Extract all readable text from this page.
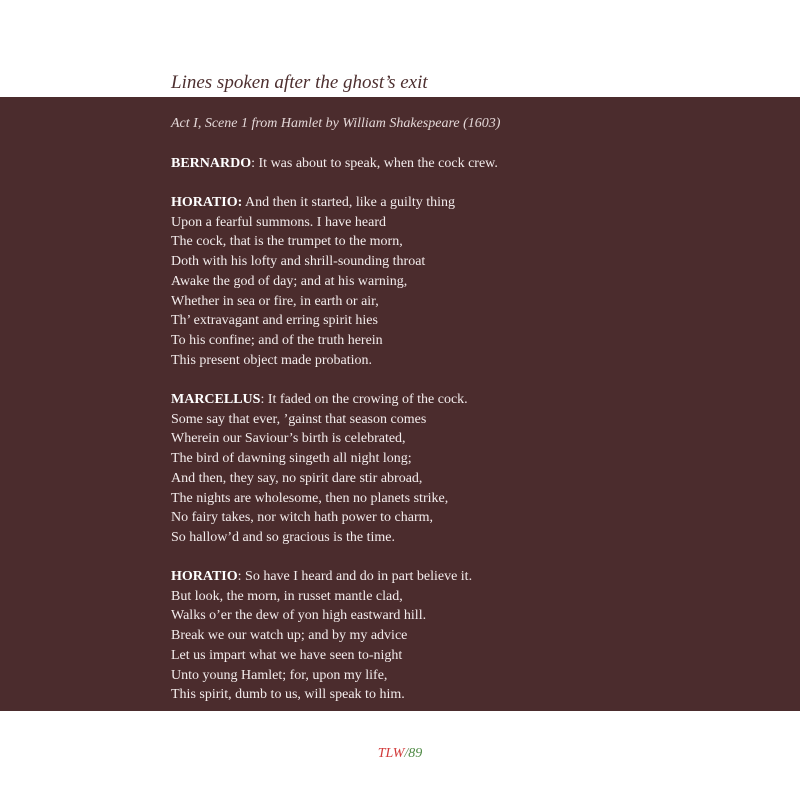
Lines spoken after the ghost’s exit

Act I, Scene 1 from Hamlet by William Shakespeare (1603)

BERNARDO: It was about to speak, when the cock crew.
HORATIO: And then it started, like a guilty thing
Upon a fearful summons. I have heard
The cock, that is the trumpet to the morn,
Doth with his lofty and shrill-sounding throat
Awake the god of day; and at his warning,
Whether in sea or fire, in earth or air,
Th’ extravagant and erring spirit hies
To his confine; and of the truth herein
This present object made probation.
MARCELLUS: It faded on the crowing of the cock.
Some say that ever, ’gainst that season comes
Wherein our Saviour’s birth is celebrated,
The bird of dawning singeth all night long;
And then, they say, no spirit dare stir abroad,
The nights are wholesome, then no planets strike,
No fairy takes, nor witch hath power to charm,
So hallow’d and so gracious is the time.
HORATIO: So have I heard and do in part believe it.
But look, the morn, in russet mantle clad,
Walks o’er the dew of yon high eastward hill.
Break we our watch up; and by my advice
Let us impart what we have seen to-night
Unto young Hamlet; for, upon my life,
This spirit, dumb to us, will speak to him.
TLW/89
